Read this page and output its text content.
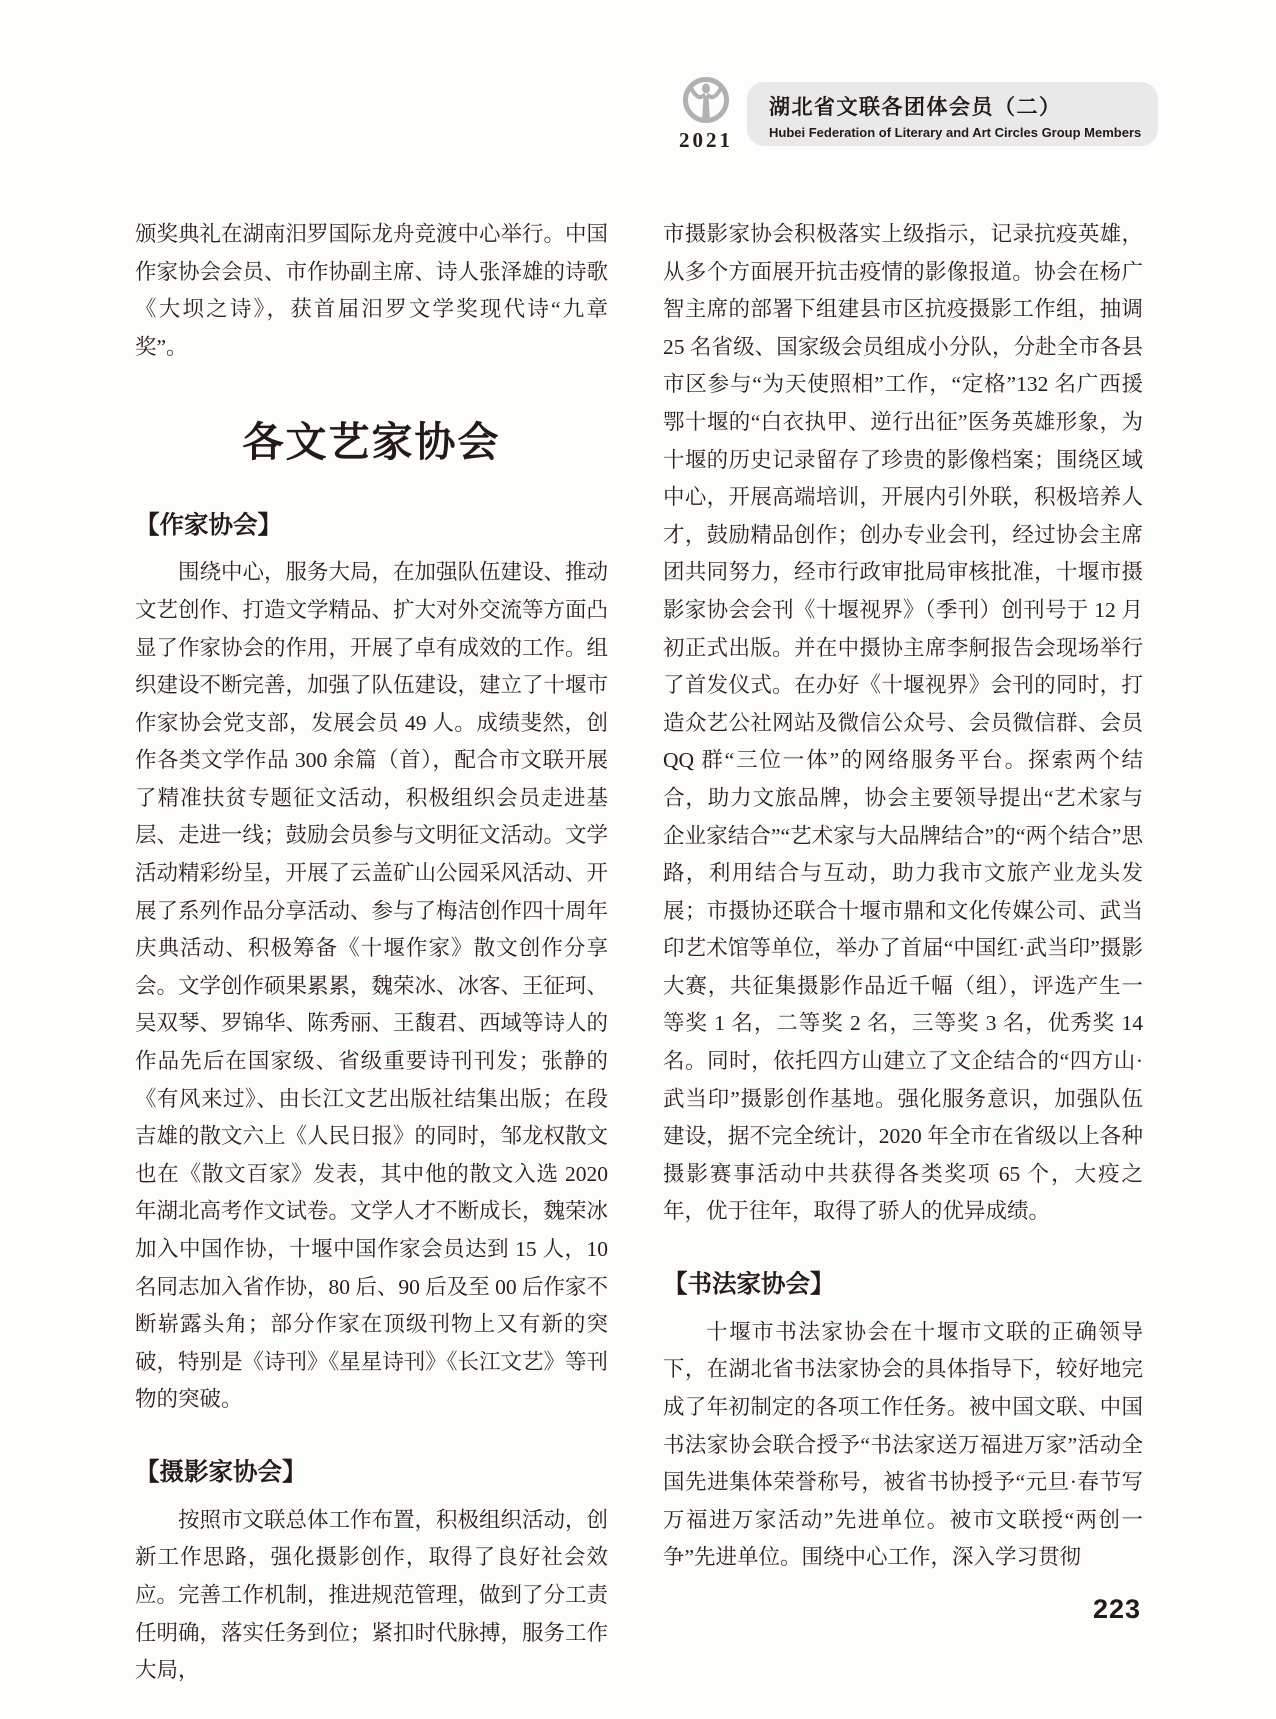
2021
湖北省文联各团体会员（二）
Hubei Federation of Literary and Art Circles Group Members

颁奖典礼在湖南汨罗国际龙舟竞渡中心举行。中国作家协会会员、市作协副主席、诗人张泽雄的诗歌《大坝之诗》，获首届汨罗文学奖现代诗“九章奖”。

各文艺家协会
【作家协会】

围绕中心，服务大局，在加强队伍建设、推动文艺创作、打造文学精品、扩大对外交流等方面凸显了作家协会的作用，开展了卓有成效的工作。组织建设不断完善，加强了队伍建设，建立了十堰市作家协会党支部，发展会员 49 人。成绩斐然，创作各类文学作品 300 余篇（首），配合市文联开展了精准扶贫专题征文活动，积极组织会员走进基层、走进一线；鼓励会员参与文明征文活动。文学活动精彩纷呈，开展了云盖矿山公园采风活动、开展了系列作品分享活动、参与了梅洁创作四十周年庆典活动、积极筹备《十堰作家》散文创作分享会。文学创作硕果累累，魏荣冰、冰客、王征珂、吴双琴、罗锦华、陈秀丽、王馥君、西域等诗人的作品先后在国家级、省级重要诗刊刊发；张静的《有风来过》、由长江文艺出版社结集出版；在段吉雄的散文六上《人民日报》的同时，邹龙权散文也在《散文百家》发表，其中他的散文入选 2020 年湖北高考作文试卷。文学人才不断成长，魏荣冰加入中国作协，十堰中国作家会员达到 15 人，10 名同志加入省作协，80 后、90 后及至 00 后作家不断崭露头角；部分作家在顶级刊物上又有新的突破，特别是《诗刊》《星星诗刊》《长江文艺》等刊物的突破。

【摄影家协会】

按照市文联总体工作布置，积极组织活动，创新工作思路，强化摄影创作，取得了良好社会效应。完善工作机制，推进规范管理，做到了分工责任明确，落实任务到位；紧扣时代脉搏，服务工作大局，

市摄影家协会积极落实上级指示，记录抗疫英雄，从多个方面展开抗击疫情的影像报道。协会在杨广智主席的部署下组建县市区抗疫摄影工作组，抽调 25 名省级、国家级会员组成小分队，分赴全市各县市区参与“为天使照相”工作，“定格”132 名广西援鄂十堰的“白衣执甲、逆行出征”医务英雄形象，为十堰的历史记录留存了珍贵的影像档案；围绕区域中心，开展高端培训，开展内引外联，积极培养人才，鼓励精品创作；创办专业会刊，经过协会主席团共同努力，经市行政审批局审核批准，十堰市摄影家协会会刊《十堰视界》（季刊）创刊号于 12 月初正式出版。并在中摄协主席李舸报告会现场举行了首发仪式。在办好《十堰视界》会刊的同时，打造众艺公社网站及微信公众号、会员微信群、会员 QQ 群“三位一体”的网络服务平台。探索两个结合，助力文旅品牌，协会主要领导提出“艺术家与企业家结合”“艺术家与大品牌结合”的“两个结合”思路，利用结合与互动，助力我市文旅产业龙头发展；市摄协还联合十堰市鼎和文化传媒公司、武当印艺术馆等单位，举办了首届“中国红·武当印”摄影大赛，共征集摄影作品近千幅（组），评选产生一等奖 1 名，二等奖 2 名，三等奖 3 名，优秀奖 14 名。同时，依托四方山建立了文企结合的“四方山·武当印”摄影创作基地。强化服务意识，加强队伍建设，据不完全统计，2020 年全市在省级以上各种摄影赛事活动中共获得各类奖项 65 个，大疫之年，优于往年，取得了骄人的优异成绩。

【书法家协会】

十堰市书法家协会在十堰市文联的正确领导下，在湖北省书法家协会的具体指导下，较好地完成了年初制定的各项工作任务。被中国文联、中国书法家协会联合授予“书法家送万福进万家”活动全国先进集体荣誉称号，被省书协授予“元旦·春节写万福进万家活动”先进单位。被市文联授“两创一争”先进单位。围绕中心工作，深入学习贯彻

223
